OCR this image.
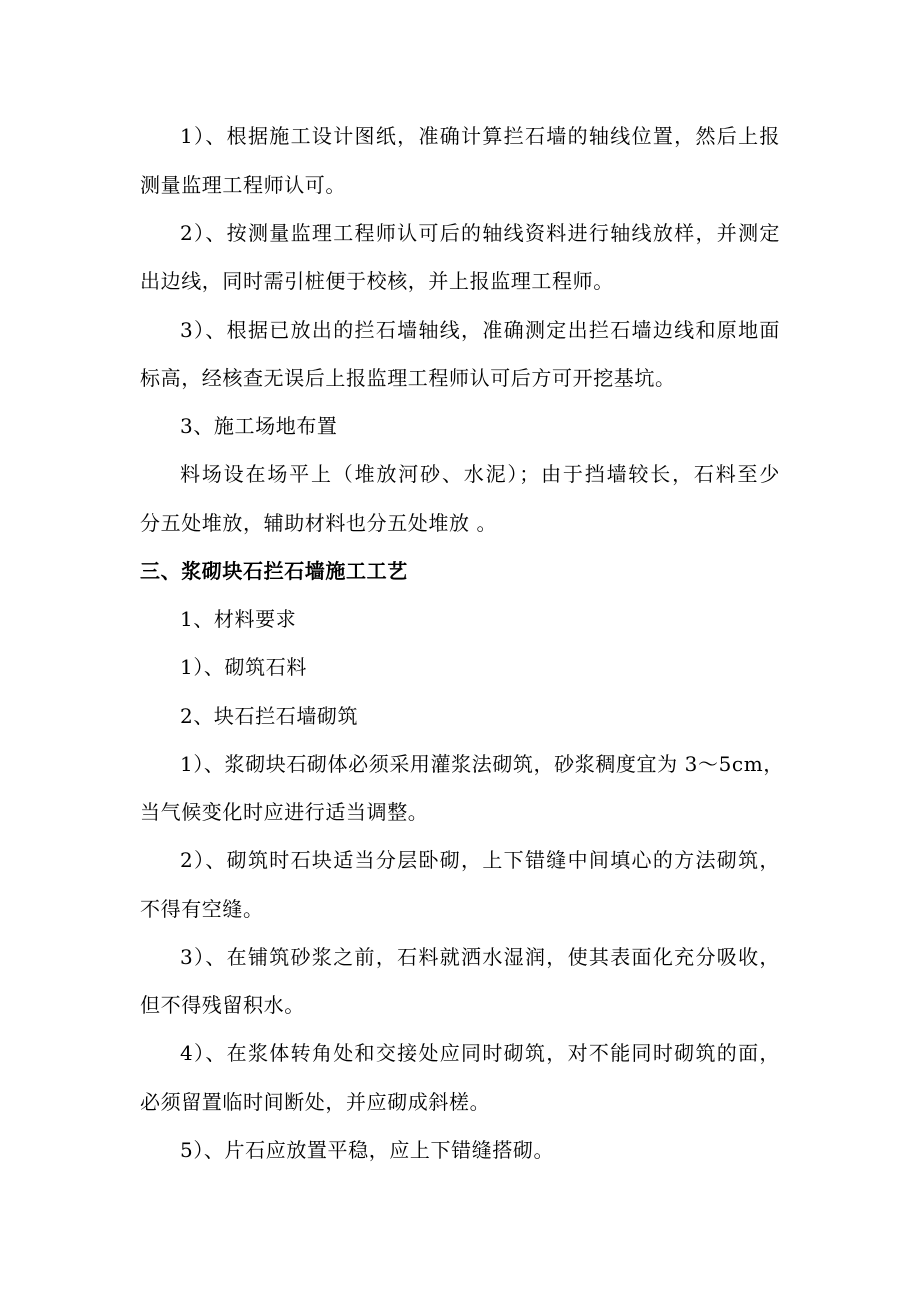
1）、根据施工设计图纸，准确计算拦石墙的轴线位置，然后上报
测量监理工程师认可。
2）、按测量监理工程师认可后的轴线资料进行轴线放样，并测定
出边线，同时需引桩便于校核，并上报监理工程师。
3）、根据已放出的拦石墙轴线，准确测定出拦石墙边线和原地面
标高，经核查无误后上报监理工程师认可后方可开挖基坑。
3、施工场地布置
料场设在场平上（堆放河砂、水泥）；由于挡墙较长，石料至少
分五处堆放，辅助材料也分五处堆放 。
三、浆砌块石拦石墙施工工艺
1、材料要求
1）、砌筑石料
2、块石拦石墙砌筑
1）、浆砌块石砌体必须采用灌浆法砌筑，砂浆稠度宜为 3～5cm，
当气候变化时应进行适当调整。
2）、砌筑时石块适当分层卧砌，上下错缝中间填心的方法砌筑，
不得有空缝。
3）、在铺筑砂浆之前，石料就洒水湿润，使其表面化充分吸收，
但不得残留积水。
4）、在浆体转角处和交接处应同时砌筑，对不能同时砌筑的面，
必须留置临时间断处，并应砌成斜槎。
5）、片石应放置平稳，应上下错缝搭砌。
